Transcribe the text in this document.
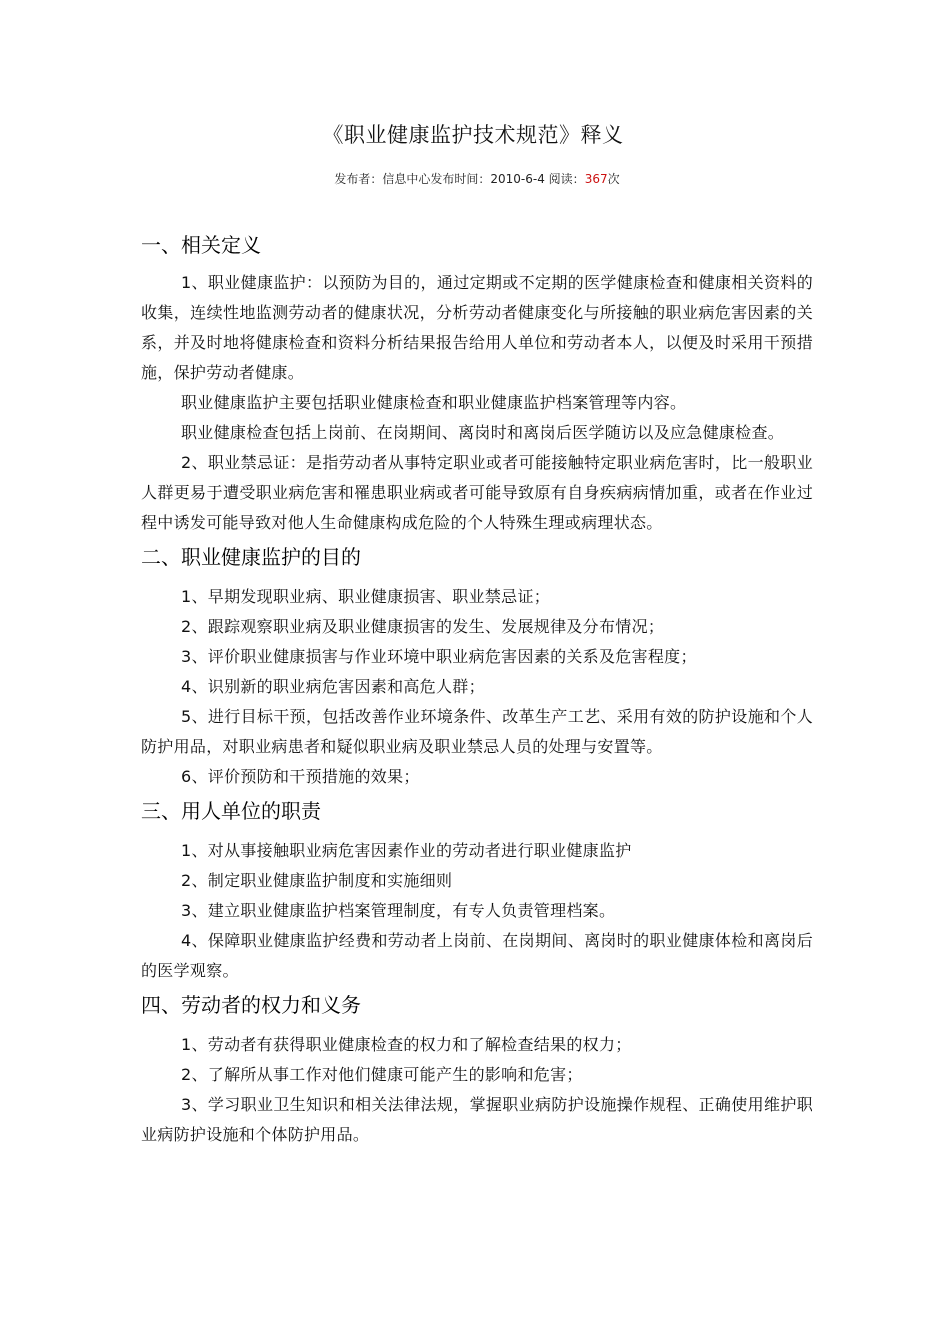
《职业健康监护技术规范》释义
发布者：信息中心发布时间：2010-6-4 阅读：367次
一、相关定义

1、职业健康监护：以预防为目的，通过定期或不定期的医学健康检查和健康相关资料的收集，连续性地监测劳动者的健康状况，分析劳动者健康变化与所接触的职业病危害因素的关系，并及时地将健康检查和资料分析结果报告给用人单位和劳动者本人，以便及时采用干预措施，保护劳动者健康。

职业健康监护主要包括职业健康检查和职业健康监护档案管理等内容。

职业健康检查包括上岗前、在岗期间、离岗时和离岗后医学随访以及应急健康检查。

2、职业禁忌证：是指劳动者从事特定职业或者可能接触特定职业病危害时，比一般职业人群更易于遭受职业病危害和罹患职业病或者可能导致原有自身疾病病情加重，或者在作业过程中诱发可能导致对他人生命健康构成危险的个人特殊生理或病理状态。

二、职业健康监护的目的

1、早期发现职业病、职业健康损害、职业禁忌证；

2、跟踪观察职业病及职业健康损害的发生、发展规律及分布情况；

3、评价职业健康损害与作业环境中职业病危害因素的关系及危害程度；

4、识别新的职业病危害因素和高危人群；

5、进行目标干预，包括改善作业环境条件、改革生产工艺、采用有效的防护设施和个人防护用品，对职业病患者和疑似职业病及职业禁忌人员的处理与安置等。

6、评价预防和干预措施的效果；

三、用人单位的职责

1、对从事接触职业病危害因素作业的劳动者进行职业健康监护

2、制定职业健康监护制度和实施细则

3、建立职业健康监护档案管理制度，有专人负责管理档案。

4、保障职业健康监护经费和劳动者上岗前、在岗期间、离岗时的职业健康体检和离岗后的医学观察。

四、劳动者的权力和义务

1、劳动者有获得职业健康检查的权力和了解检查结果的权力；

2、了解所从事工作对他们健康可能产生的影响和危害；

3、学习职业卫生知识和相关法律法规，掌握职业病防护设施操作规程、正确使用维护职业病防护设施和个体防护用品。
